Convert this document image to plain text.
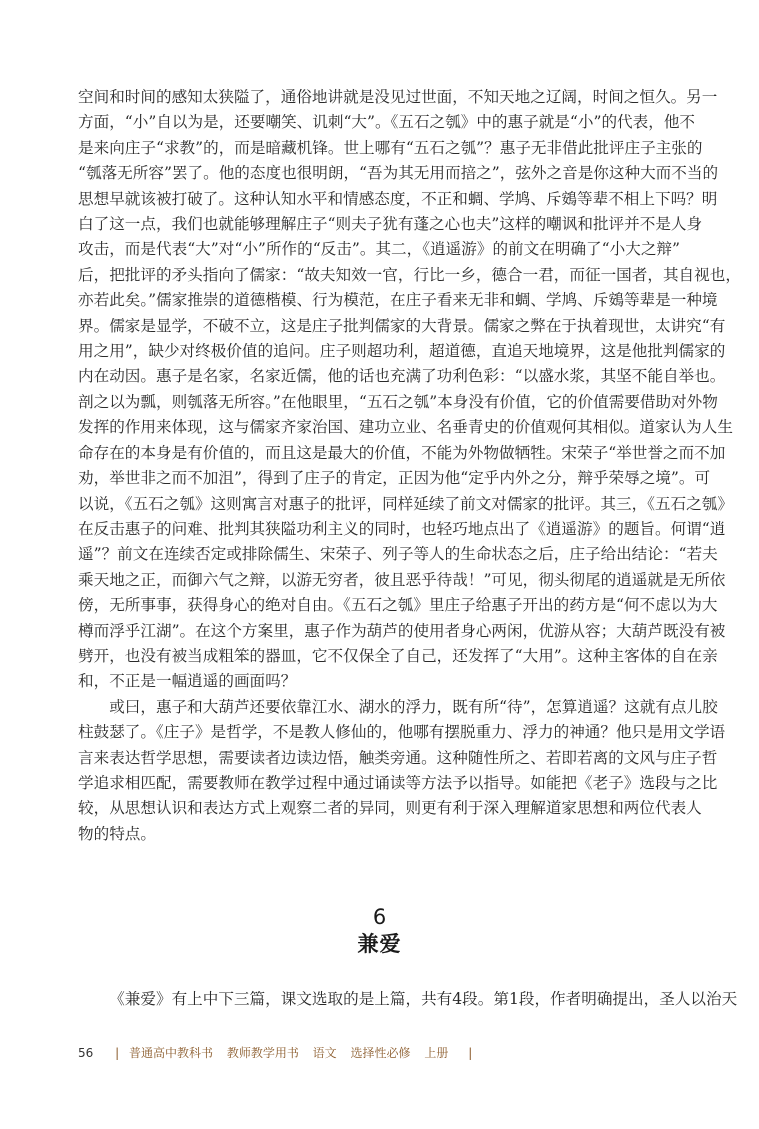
空间和时间的感知太狭隘了，通俗地讲就是没见过世面，不知天地之辽阔，时间之恒久。另一
方面，“小”自以为是，还要嘲笑、讥刺“大”。《五石之瓠》中的惠子就是“小”的代表，他不
是来向庄子“求教”的，而是暗藏机锋。世上哪有“五石之瓠”？惠子无非借此批评庄子主张的
“瓠落无所容”罢了。他的态度也很明朗，“吾为其无用而掊之”，弦外之音是你这种大而不当的
思想早就该被打破了。这种认知水平和情感态度，不正和蜩、学鸠、斥鴳等辈不相上下吗？明
白了这一点，我们也就能够理解庄子“则夫子犹有蓬之心也夫”这样的嘲讽和批评并不是人身
攻击，而是代表“大”对“小”所作的“反击”。其二，《逍遥游》的前文在明确了“小大之辩”
后，把批评的矛头指向了儒家：“故夫知效一官，行比一乡，德合一君，而征一国者，其自视也，
亦若此矣。”儒家推崇的道德楷模、行为模范，在庄子看来无非和蜩、学鸠、斥鴳等辈是一种境
界。儒家是显学，不破不立，这是庄子批判儒家的大背景。儒家之弊在于执着现世，太讲究“有
用之用”，缺少对终极价值的追问。庄子则超功利，超道德，直追天地境界，这是他批判儒家的
内在动因。惠子是名家，名家近儒，他的话也充满了功利色彩：“以盛水浆，其坚不能自举也。
剖之以为瓢，则瓠落无所容。”在他眼里，“五石之瓠”本身没有价值，它的价值需要借助对外物
发挥的作用来体现，这与儒家齐家治国、建功立业、名垂青史的价值观何其相似。道家认为人生
命存在的本身是有价值的，而且这是最大的价值，不能为外物做牺牲。宋荣子“举世誉之而不加
劝，举世非之而不加沮”，得到了庄子的肯定，正因为他“定乎内外之分，辩乎荣辱之境”。可
以说，《五石之瓠》这则寓言对惠子的批评，同样延续了前文对儒家的批评。其三，《五石之瓠》
在反击惠子的问难、批判其狭隘功利主义的同时，也轻巧地点出了《逍遥游》的题旨。何谓“逍
遥”？前文在连续否定或排除儒生、宋荣子、列子等人的生命状态之后，庄子给出结论：“若夫
乘天地之正，而御六气之辩，以游无穷者，彼且恶乎待哉！”可见，彻头彻尾的逍遥就是无所依
傍，无所事事，获得身心的绝对自由。《五石之瓠》里庄子给惠子开出的药方是“何不虑以为大
樽而浮乎江湖”。在这个方案里，惠子作为葫芦的使用者身心两闲，优游从容；大葫芦既没有被
劈开，也没有被当成粗笨的器皿，它不仅保全了自己，还发挥了“大用”。这种主客体的自在亲
和，不正是一幅逍遥的画面吗？

或曰，惠子和大葫芦还要依靠江水、湖水的浮力，既有所“待”，怎算逍遥？这就有点儿胶
柱鼓瑟了。《庄子》是哲学，不是教人修仙的，他哪有摆脱重力、浮力的神通？他只是用文学语
言来表达哲学思想，需要读者边读边悟，触类旁通。这种随性所之、若即若离的文风与庄子哲
学追求相匹配，需要教师在教学过程中通过诵读等方法予以指导。如能把《老子》选段与之比
较，从思想认识和表达方式上观察二者的异同，则更有利于深入理解道家思想和两位代表人
物的特点。

6
兼爱

《兼爱》有上中下三篇，课文选取的是上篇，共有4段。第1段，作者明确提出，圣人以治天

56 | 普通高中教科书 教师教学用书 语文 选择性必修 上册 |
